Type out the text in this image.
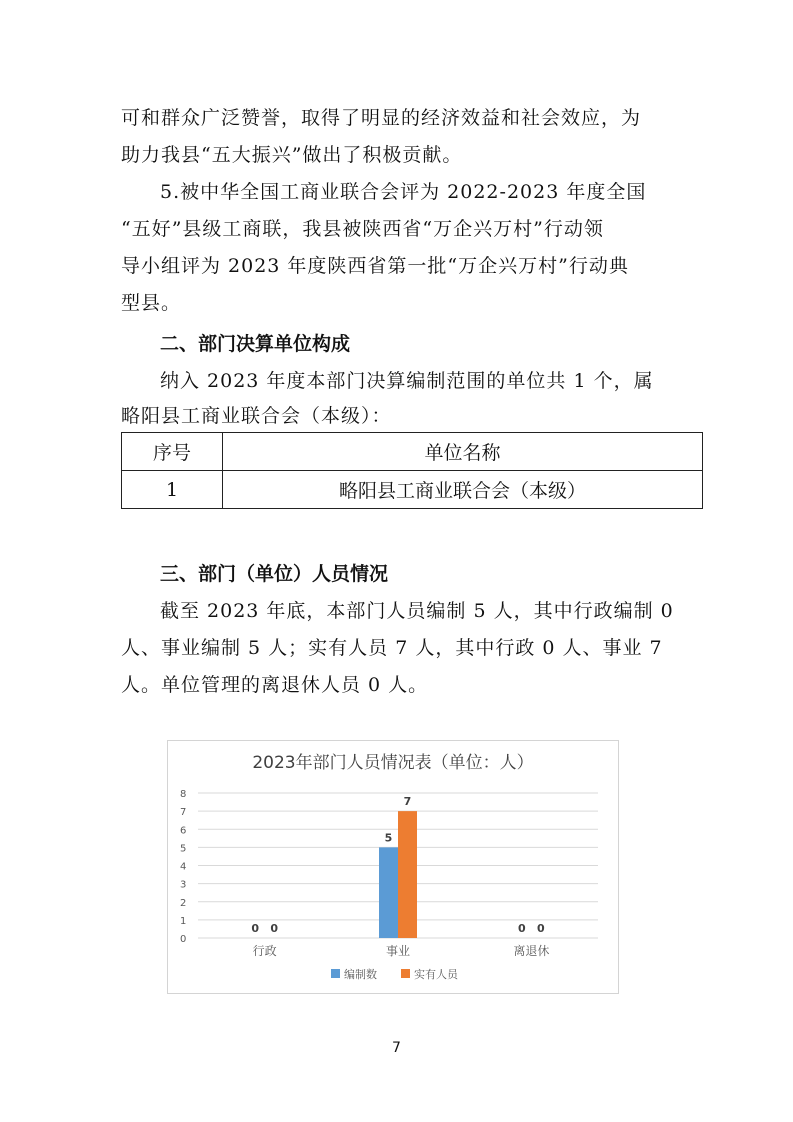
可和群众广泛赞誉，取得了明显的经济效益和社会效应，为
助力我县“五大振兴”做出了积极贡献。
5.被中华全国工商业联合会评为 2022-2023 年度全国
“五好”县级工商联，我县被陕西省“万企兴万村”行动领
导小组评为 2023 年度陕西省第一批“万企兴万村”行动典
型县。
二、部门决算单位构成
纳入 2023 年度本部门决算编制范围的单位共 1 个，属
略阳县工商业联合会（本级）：
序号	单位名称
1	略阳县工商业联合会（本级）
三、部门（单位）人员情况
截至 2023 年底，本部门人员编制 5 人，其中行政编制 0
人、事业编制 5 人；实有人员 7 人，其中行政 0 人、事业 7
人。单位管理的离退休人员 0 人。
2023年部门人员情况表（单位：人）
0
1
2
3
4
5
6
7
8
0 0
行政
5
7
事业
0 0
离退休
编制数	实有人员
7
